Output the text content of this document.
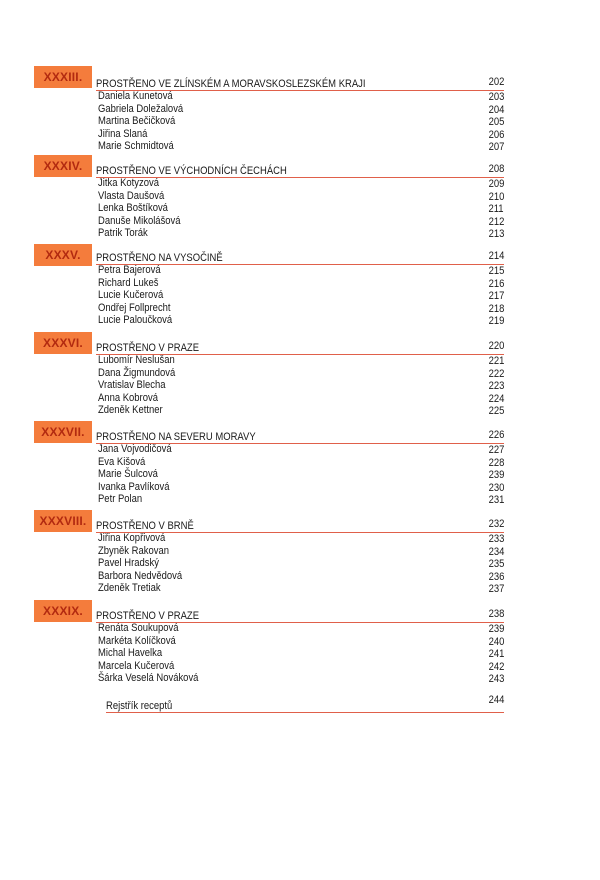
XXXIII.	PROSTŘENO VE ZLÍNSKÉM A MORAVSKOSLEZSKÉM KRAJI	202
Daniela Kunetová	203
Gabriela Doležalová	204
Martina Bečičková	205
Jiřina Slaná	206
Marie Schmidtová	207
XXXIV.	PROSTŘENO VE VÝCHODNÍCH ČECHÁCH	208
Jitka Kotyzová	209
Vlasta Daušová	210
Lenka Boštíková	211
Danuše Mikolášová	212
Patrik Torák	213
XXXV.	PROSTŘENO NA VYSOČINĚ	214
Petra Bajerová	215
Richard Lukeš	216
Lucie Kučerová	217
Ondřej Follprecht	218
Lucie Paloučková	219
XXXVI.	PROSTŘENO V PRAZE	220
Lubomír Neslušan	221
Dana Žigmundová	222
Vratislav Blecha	223
Anna Kobrová	224
Zdeněk Kettner	225
XXXVII.	PROSTŘENO NA SEVERU MORAVY	226
Jana Vojvodičová	227
Eva Kišová	228
Marie Šulcová	239
Ivanka Pavlíková	230
Petr Polan	231
XXXVIII. PROSTŘENO V BRNĚ	232
Jiřina Kopřivová	233
Zbyněk Rakovan	234
Pavel Hradský	235
Barbora Nedvědová	236
Zdeněk Tretiak	237
XXXIX.	PROSTŘENO V PRAZE	238
Renáta Soukupová	239
Markéta Kolíčková	240
Michal Havelka	241
Marcela Kučerová	242
Šárka Veselá Nováková	243
Rejstřík receptů	244
